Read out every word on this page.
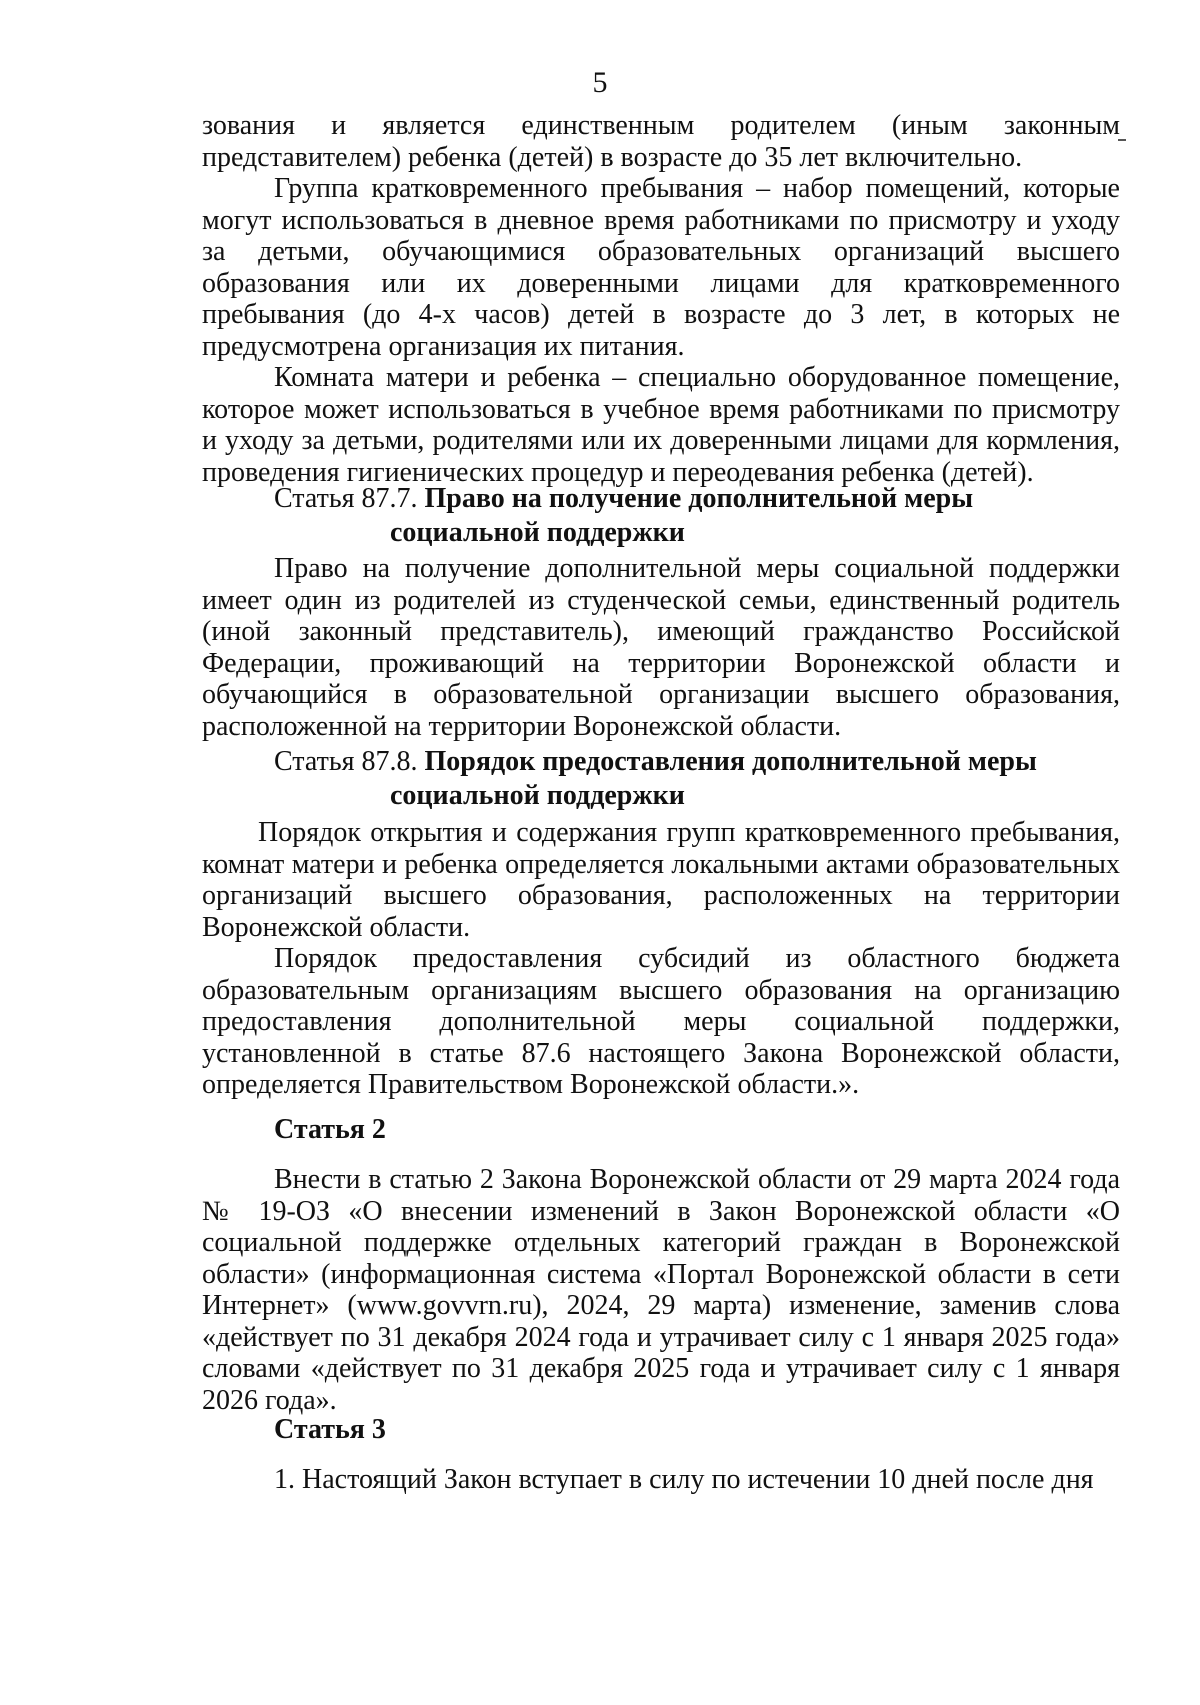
5

зования и является единственным родителем (иным законным представителем) ребенка (детей) в возрасте до 35 лет включительно.

Группа кратковременного пребывания – набор помещений, которые могут использоваться в дневное время работниками по присмотру и уходу за детьми, обучающимися образовательных организаций высшего образования или их доверенными лицами для кратковременного пребывания (до 4-х часов) детей в возрасте до 3 лет, в которых не предусмотрена организация их питания.

Комната матери и ребенка – специально оборудованное помещение, которое может использоваться в учебное время работниками по присмотру и уходу за детьми, родителями или их доверенными лицами для кормления, проведения гигиенических процедур и переодевания ребенка (детей).

Статья 87.7. Право на получение дополнительной меры
социальной поддержки

Право на получение дополнительной меры социальной поддержки имеет один из родителей из студенческой семьи, единственный родитель (иной законный представитель), имеющий гражданство Российской Федерации, проживающий на территории Воронежской области и обучающийся в образовательной организации высшего образования, расположенной на территории Воронежской области.

Статья 87.8. Порядок предоставления дополнительной меры
социальной поддержки

Порядок открытия и содержания групп кратковременного пребывания, комнат матери и ребенка определяется локальными актами образовательных организаций высшего образования, расположенных на территории Воронежской области.

Порядок предоставления субсидий из областного бюджета образовательным организациям высшего образования на организацию предоставления дополнительной меры социальной поддержки, установленной в статье 87.6 настоящего Закона Воронежской области, определяется Правительством Воронежской области.».

Статья 2

Внести в статью 2 Закона Воронежской области от 29 марта 2024 года № 19-ОЗ «О внесении изменений в Закон Воронежской области «О социальной поддержке отдельных категорий граждан в Воронежской области» (информационная система «Портал Воронежской области в сети Интернет» (www.govvrn.ru), 2024, 29 марта) изменение, заменив слова «действует по 31 декабря 2024 года и утрачивает силу с 1 января 2025 года» словами «действует по 31 декабря 2025 года и утрачивает силу с 1 января 2026 года».

Статья 3

1. Настоящий Закон вступает в силу по истечении 10 дней после дня
